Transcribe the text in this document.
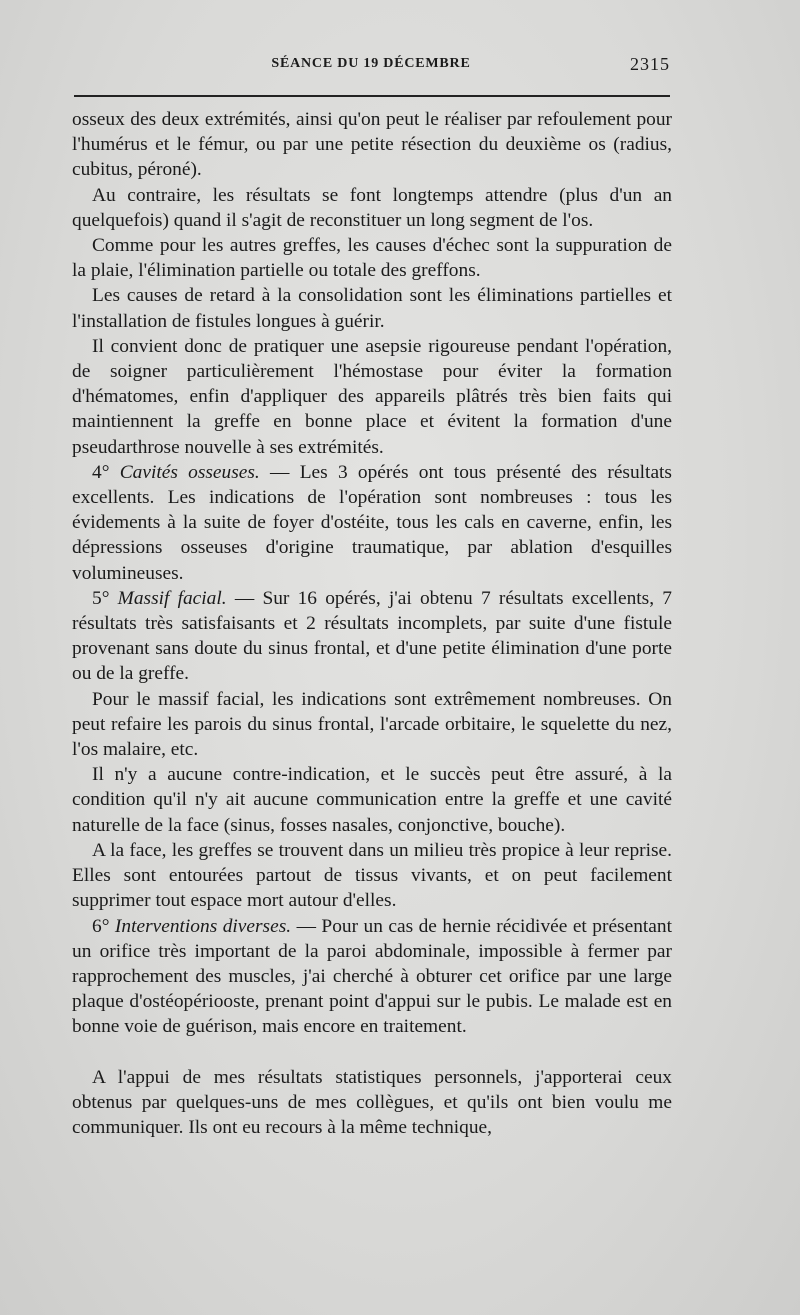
SÉANCE DU 19 DÉCEMBRE	2315

osseux des deux extrémités, ainsi qu'on peut le réaliser par refoulement pour l'humérus et le fémur, ou par une petite résection du deuxième os (radius, cubitus, péroné).

Au contraire, les résultats se font longtemps attendre (plus d'un an quelquefois) quand il s'agit de reconstituer un long segment de l'os.

Comme pour les autres greffes, les causes d'échec sont la suppuration de la plaie, l'élimination partielle ou totale des greffons.

Les causes de retard à la consolidation sont les éliminations partielles et l'installation de fistules longues à guérir.

Il convient donc de pratiquer une asepsie rigoureuse pendant l'opération, de soigner particulièrement l'hémostase pour éviter la formation d'hématomes, enfin d'appliquer des appareils plâtrés très bien faits qui maintiennent la greffe en bonne place et évitent la formation d'une pseudarthrose nouvelle à ses extrémités.

4° Cavités osseuses. — Les 3 opérés ont tous présenté des résultats excellents. Les indications de l'opération sont nombreuses : tous les évidements à la suite de foyer d'ostéite, tous les cals en caverne, enfin, les dépressions osseuses d'origine traumatique, par ablation d'esquilles volumineuses.

5° Massif facial. — Sur 16 opérés, j'ai obtenu 7 résultats excellents, 7 résultats très satisfaisants et 2 résultats incomplets, par suite d'une fistule provenant sans doute du sinus frontal, et d'une petite élimination d'une porte ou de la greffe.

Pour le massif facial, les indications sont extrêmement nombreuses. On peut refaire les parois du sinus frontal, l'arcade orbitaire, le squelette du nez, l'os malaire, etc.

Il n'y a aucune contre-indication, et le succès peut être assuré, à la condition qu'il n'y ait aucune communication entre la greffe et une cavité naturelle de la face (sinus, fosses nasales, conjonctive, bouche).

A la face, les greffes se trouvent dans un milieu très propice à leur reprise. Elles sont entourées partout de tissus vivants, et on peut facilement supprimer tout espace mort autour d'elles.

6° Interventions diverses. — Pour un cas de hernie récidivée et présentant un orifice très important de la paroi abdominale, impossible à fermer par rapprochement des muscles, j'ai cherché à obturer cet orifice par une large plaque d'ostéopériooste, prenant point d'appui sur le pubis. Le malade est en bonne voie de guérison, mais encore en traitement.

A l'appui de mes résultats statistiques personnels, j'apporterai ceux obtenus par quelques-uns de mes collègues, et qu'ils ont bien voulu me communiquer. Ils ont eu recours à la même technique,
